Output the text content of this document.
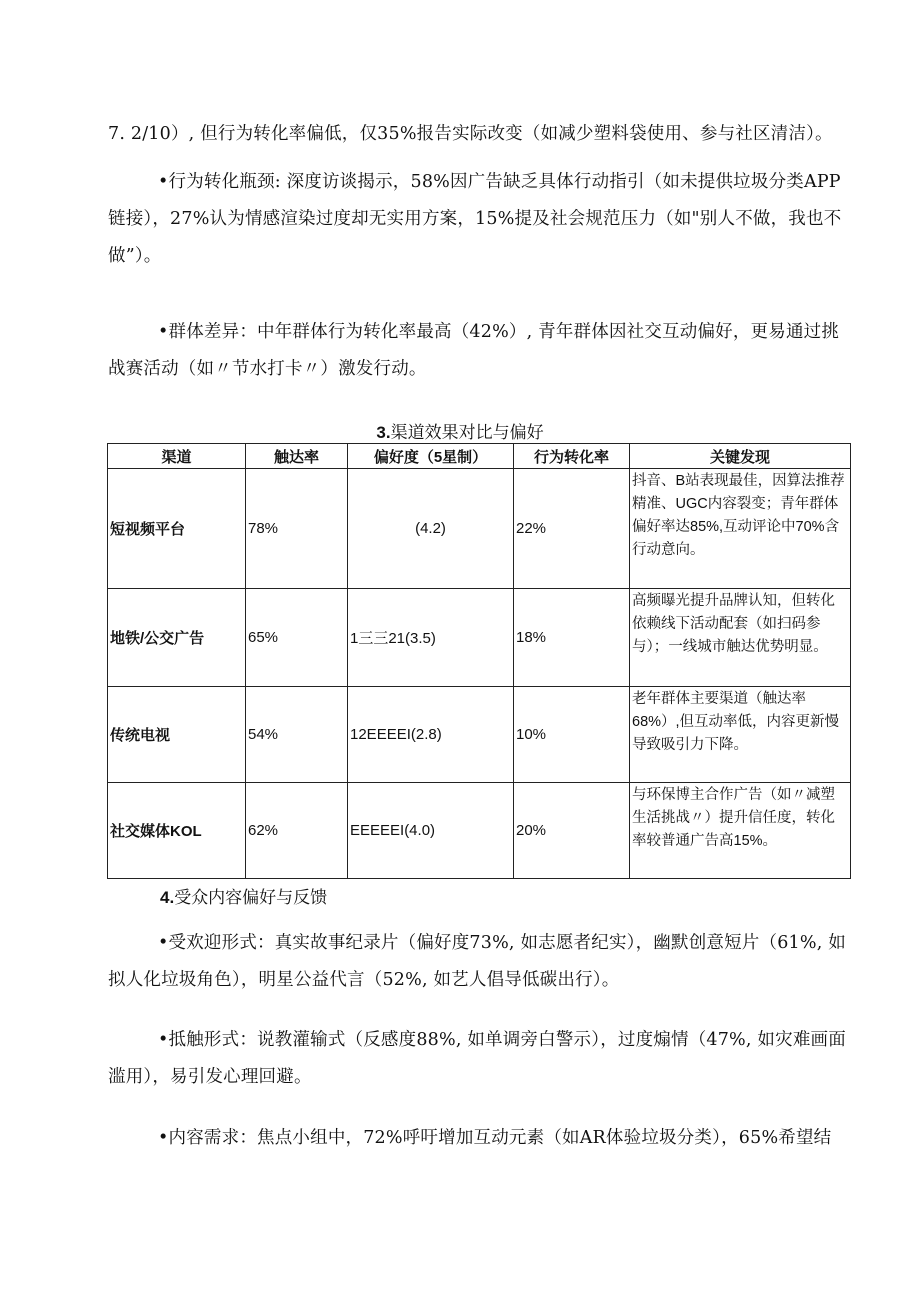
7. 2/10）, 但行为转化率偏低，仅35%报告实际改变（如减少塑料袋使用、参与社区清洁）。

•行为转化瓶颈: 深度访谈揭示，58%因广告缺乏具体行动指引（如未提供垃圾分类APP链接），27%认为情感渲染过度却无实用方案，15%提及社会规范压力（如"别人不做，我也不做”）。

•群体差异：中年群体行为转化率最高（42%）, 青年群体因社交互动偏好，更易通过挑战赛活动（如〃节水打卡〃）激发行动。

3.渠道效果对比与偏好

渠道	触达率	偏好度（5星制）	行为转化率	关键发现
短视频平台	78%	(4.2)	22%	抖音、B站表现最佳，因算法推荐精准、UGC内容裂变；青年群体偏好率达85%,互动评论中70%含行动意向。
地铁/公交广告	65%	1三三21(3.5)	18%	高频曝光提升品牌认知，但转化依赖线下活动配套（如扫码参与）；一线城市触达优势明显。
传统电视	54%	12EEEEI(2.8)	10%	老年群体主要渠道（触达率68%）,但互动率低，内容更新慢导致吸引力下降。
社交媒体KOL	62%	EEEEEI(4.0)	20%	与环保博主合作广告（如〃减塑生活挑战〃）提升信任度，转化率较普通广告高15%。

4.受众内容偏好与反馈

•受欢迎形式：真实故事纪录片（偏好度73%, 如志愿者纪实），幽默创意短片（61%, 如拟人化垃圾角色），明星公益代言（52%, 如艺人倡导低碳出行）。

•抵触形式：说教灌输式（反感度88%, 如单调旁白警示），过度煽情（47%, 如灾难画面滥用），易引发心理回避。

•内容需求：焦点小组中，72%呼吁增加互动元素（如AR体验垃圾分类），65%希望结
